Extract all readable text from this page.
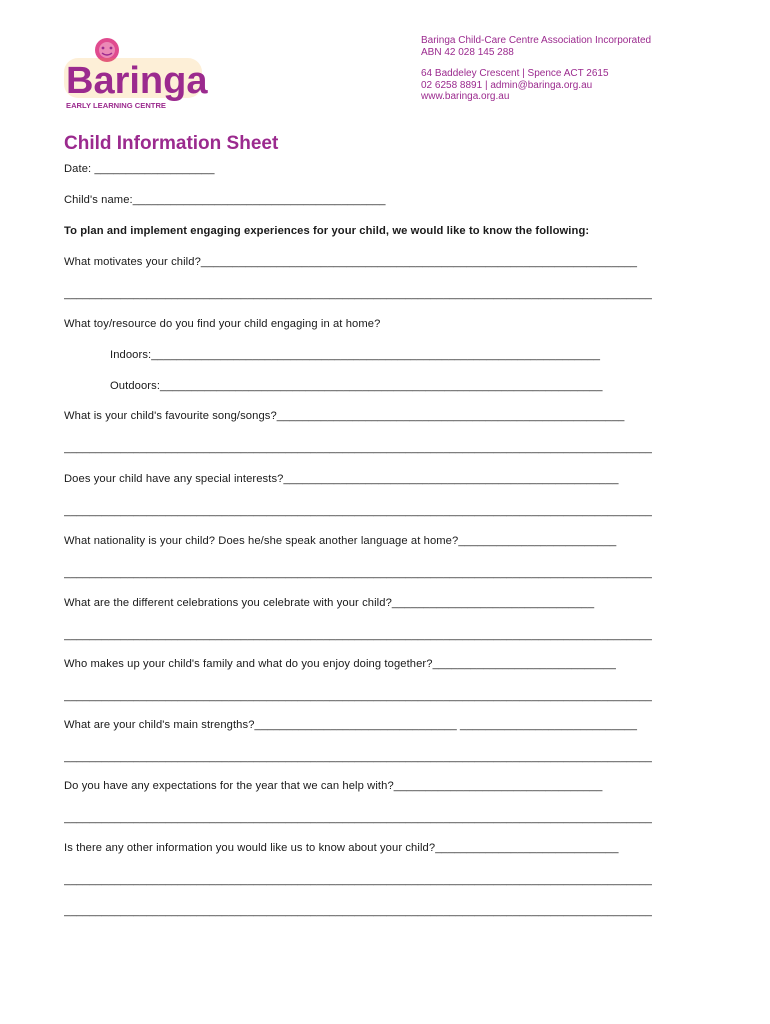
Baringa
EARLY LEARNING CENTRE
Baringa Child-Care Centre Association Incorporated
ABN 42 028 145 288
64 Baddeley Crescent | Spence ACT 2615
02 6258 8891 | admin@baringa.org.au
www.baringa.org.au
Child Information Sheet
Date: ___________________
Child's name:________________________________________
To plan and implement engaging experiences for your child, we would like to know the following:
What motivates your child?_____________________________________________________________________
_____________________________________________________________________________________________
What toy/resource do you find your child engaging in at home?
Indoors:_______________________________________________________________________
Outdoors:______________________________________________________________________
What is your child's favourite song/songs?_______________________________________________________
_____________________________________________________________________________________________
Does your child have any special interests?_____________________________________________________
_____________________________________________________________________________________________
What nationality is your child? Does he/she speak another language at home?_________________________
_____________________________________________________________________________________________
What are the different celebrations you celebrate with your child?________________________________
_____________________________________________________________________________________________
Who makes up your child's family and what do you enjoy doing together?_____________________________
_____________________________________________________________________________________________
What are your child's main strengths?________________________________ ____________________________
_____________________________________________________________________________________________
Do you have any expectations for the year that we can help with?_________________________________
_____________________________________________________________________________________________
Is there any other information you would like us to know about your child?_____________________________
_____________________________________________________________________________________________
_____________________________________________________________________________________________
